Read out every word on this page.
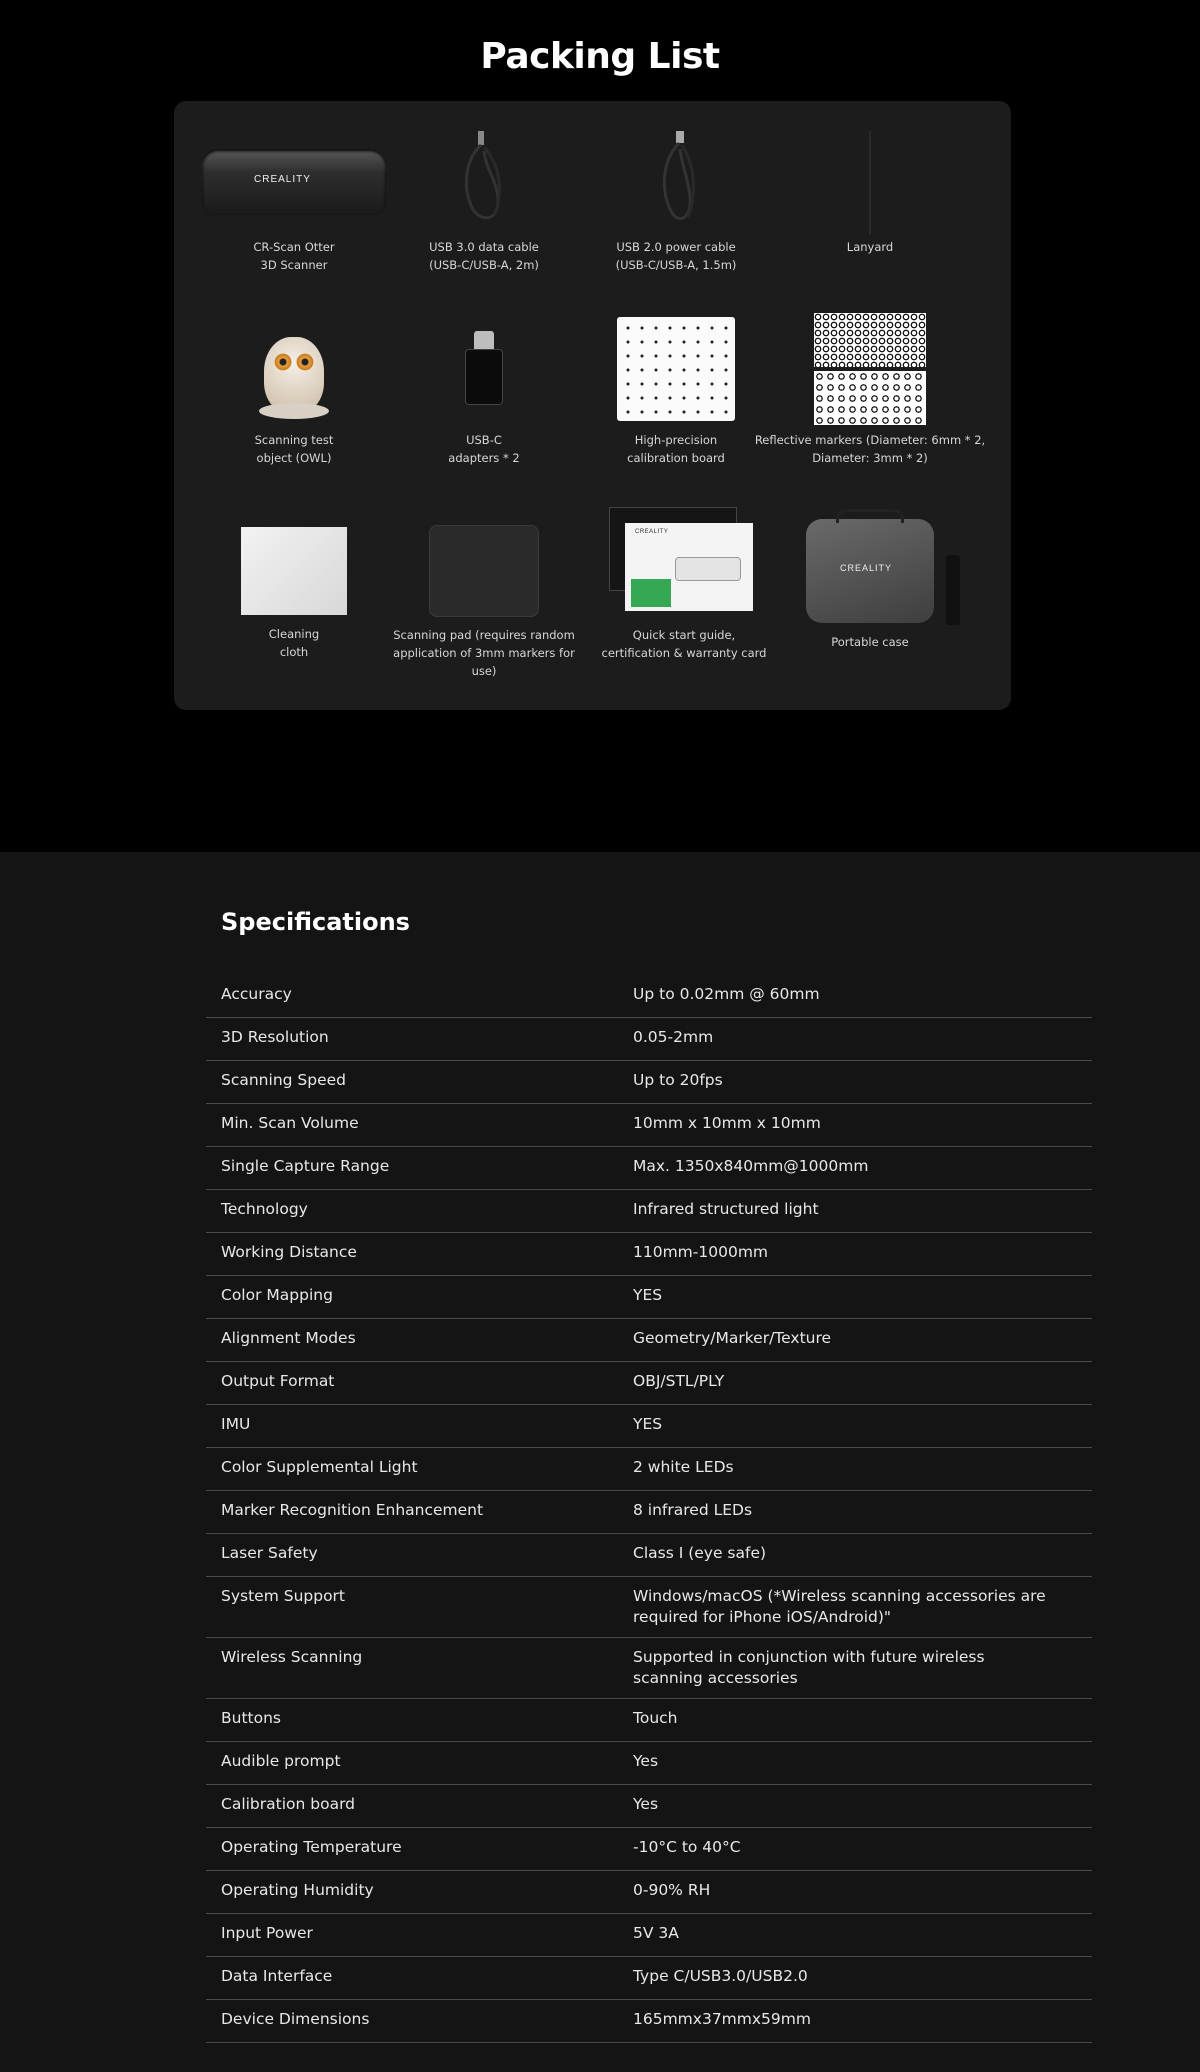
Packing List
CREALITY
CR-Scan Otter
3D Scanner
USB 3.0 data cable
(USB-C/USB-A, 2m)
USB 2.0 power cable
(USB-C/USB-A, 1.5m)
Lanyard
Scanning test
object (OWL)
USB-C
adapters * 2
High-precision
calibration board
Reflective markers (Diameter: 6mm * 2,
Diameter: 3mm * 2)
Cleaning
cloth
Scanning pad (requires random
application of 3mm markers for use)
CREALITY
Quick start guide,
certification & warranty card
CREALITY
Portable case
Specifications
Accuracy	Up to 0.02mm @ 60mm
3D Resolution	0.05-2mm
Scanning Speed	Up to 20fps
Min. Scan Volume	10mm x 10mm x 10mm
Single Capture Range	Max. 1350x840mm@1000mm
Technology	Infrared structured light
Working Distance	110mm-1000mm
Color Mapping	YES
Alignment Modes	Geometry/Marker/Texture
Output Format	OBJ/STL/PLY
IMU	YES
Color Supplemental Light	2 white LEDs
Marker Recognition Enhancement	8 infrared LEDs
Laser Safety	Class I (eye safe)
System Support	Windows/macOS (*Wireless scanning accessories are required for iPhone iOS/Android)"
Wireless Scanning	Supported in conjunction with future wireless scanning accessories
Buttons	Touch
Audible prompt	Yes
Calibration board	Yes
Operating Temperature	-10°C to 40°C
Operating Humidity	0-90% RH
Input Power	5V 3A
Data Interface	Type C/USB3.0/USB2.0
Device Dimensions	165mmx37mmx59mm
